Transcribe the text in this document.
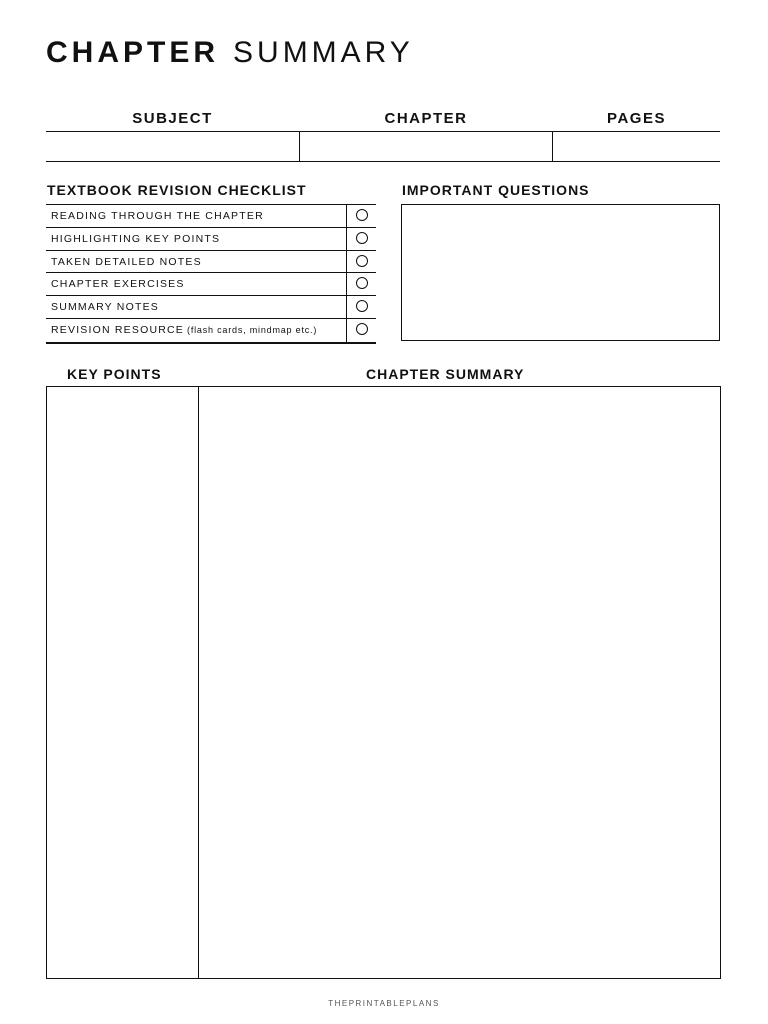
CHAPTER SUMMARY
SUBJECT	CHAPTER	PAGES
TEXTBOOK REVISION CHECKLIST
READING THROUGH THE CHAPTER
HIGHLIGHTING KEY POINTS
TAKEN DETAILED NOTES
CHAPTER EXERCISES
SUMMARY NOTES
REVISION RESOURCE (flash cards, mindmap etc.)
IMPORTANT QUESTIONS
KEY POINTS	CHAPTER SUMMARY
THEPRINTABLEPLANS
